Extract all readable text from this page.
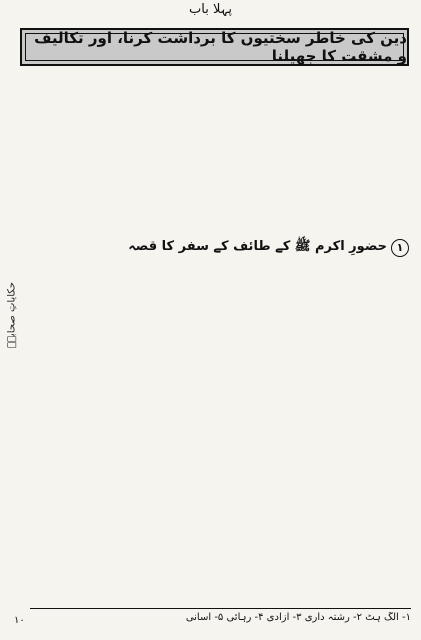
پہلا باب
دین کی خاطر سختیوں کا برداشت کرنا، اور تکالیف و مشقت کا جھیلنا
۱
حضورِ اکرم ﷺ کے طائف کے سفر کا قصہ
حکایاتِ صحابہؓ
۱- الگ ہٹ ۲- رشتہ داری ۳- آزادی ۴- رہائی ۵- آسانی
۱۰
